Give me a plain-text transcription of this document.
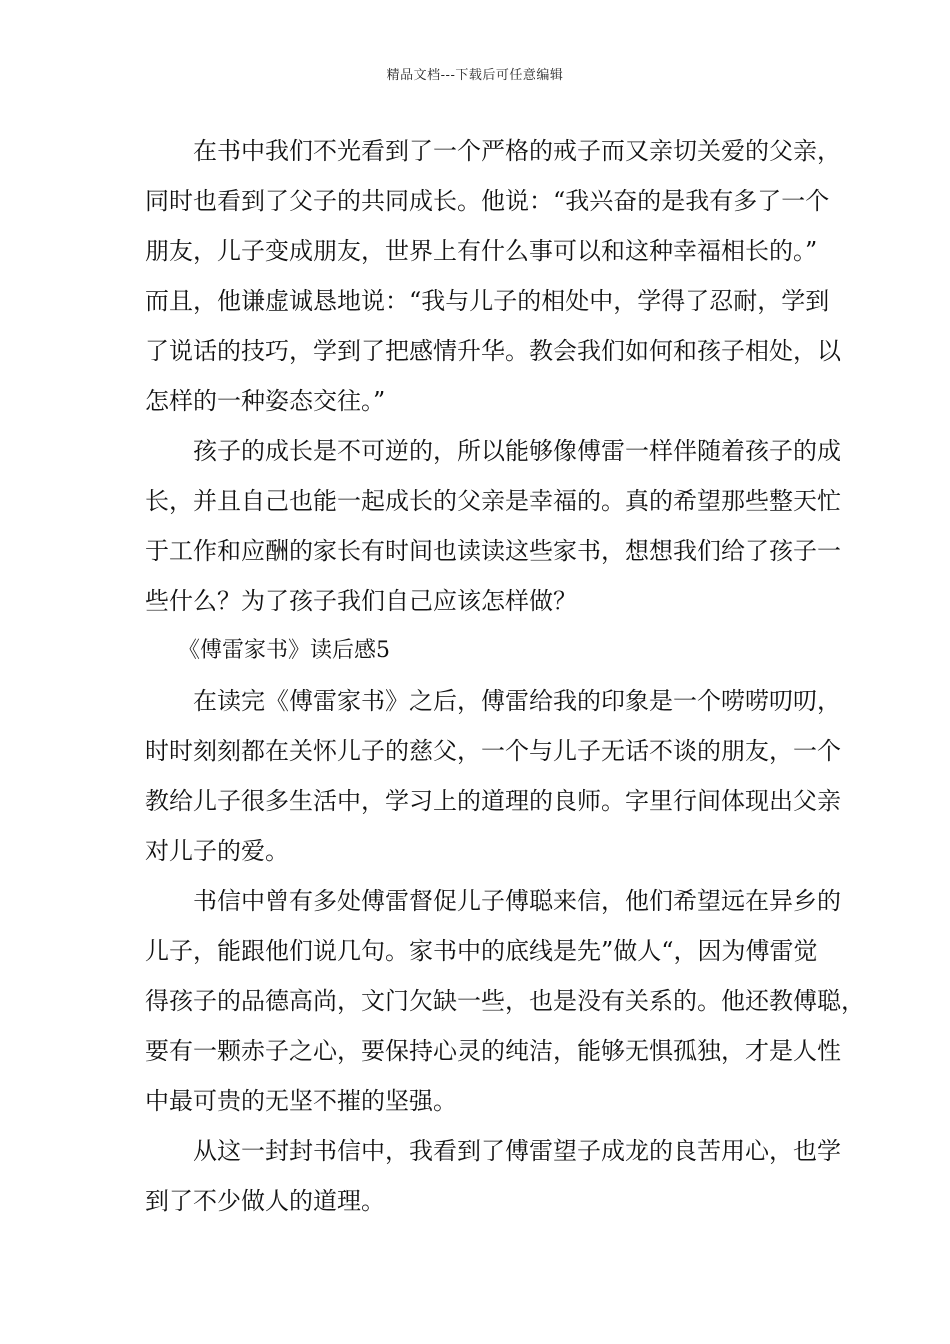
精品文档---下载后可任意编辑
　　在书中我们不光看到了一个严格的戒子而又亲切关爱的父亲，
同时也看到了父子的共同成长。他说：“我兴奋的是我有多了一个
朋友，儿子变成朋友，世界上有什么事可以和这种幸福相长的。”
而且，他谦虚诚恳地说：“我与儿子的相处中，学得了忍耐，学到
了说话的技巧，学到了把感情升华。教会我们如何和孩子相处，以
怎样的一种姿态交往。”
　　孩子的成长是不可逆的，所以能够像傅雷一样伴随着孩子的成
长，并且自己也能一起成长的父亲是幸福的。真的希望那些整天忙
于工作和应酬的家长有时间也读读这些家书，想想我们给了孩子一
些什么？为了孩子我们自己应该怎样做？
　　《傅雷家书》读后感5
　　在读完《傅雷家书》之后，傅雷给我的印象是一个唠唠叨叨，
时时刻刻都在关怀儿子的慈父，一个与儿子无话不谈的朋友，一个
教给儿子很多生活中，学习上的道理的良师。字里行间体现出父亲
对儿子的爱。
　　书信中曾有多处傅雷督促儿子傅聪来信，他们希望远在异乡的
儿子，能跟他们说几句。家书中的底线是先”做人“，因为傅雷觉
得孩子的品德高尚，文门欠缺一些，也是没有关系的。他还教傅聪，
要有一颗赤子之心，要保持心灵的纯洁，能够无惧孤独，才是人性
中最可贵的无坚不摧的坚强。
　　从这一封封书信中，我看到了傅雷望子成龙的良苦用心，也学
到了不少做人的道理。
